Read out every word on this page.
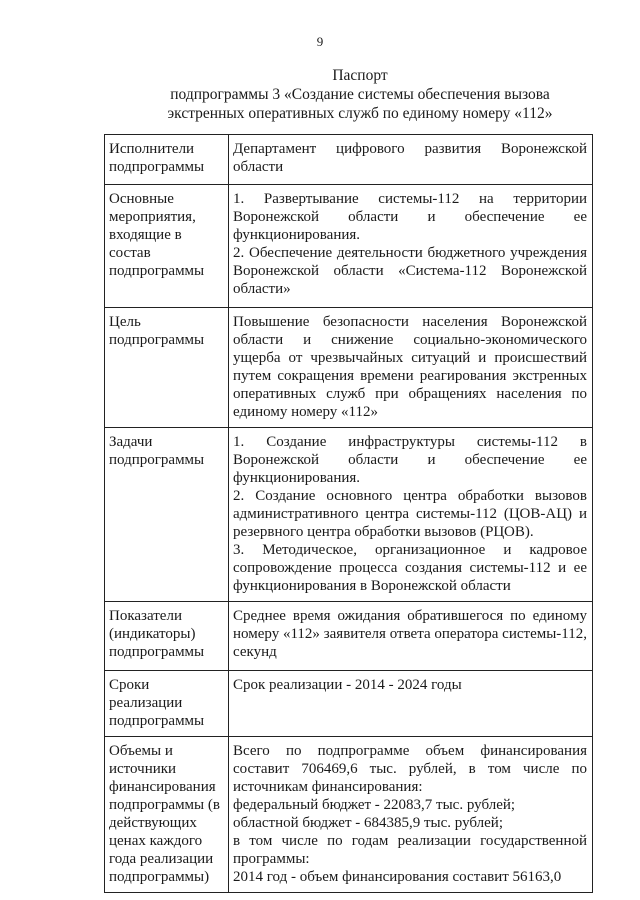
9
Паспорт
подпрограммы 3 «Создание системы обеспечения вызова
экстренных оперативных служб по единому номеру «112»
Исполнители подпрограммы	Департамент цифрового развития Воронежской области

Основные мероприятия, входящие в состав подпрограммы	1. Развертывание системы-112 на территории Воронежской области и обеспечение ее функционирования.

2. Обеспечение деятельности бюджетного учреждения Воронежской области «Система-112 Воронежской области»

Цель подпрограммы	Повышение безопасности населения Воронежской области и снижение социально-экономического ущерба от чрезвычайных ситуаций и происшествий путем сокращения времени реагирования экстренных оперативных служб при обращениях населения по единому номеру «112»

Задачи подпрограммы	1. Создание инфраструктуры системы-112 в Воронежской области и обеспечение ее функционирования.

2. Создание основного центра обработки вызовов административного центра системы-112 (ЦОВ-АЦ) и резервного центра обработки вызовов (РЦОВ).

3. Методическое, организационное и кадровое сопровождение процесса создания системы-112 и ее функционирования в Воронежской области

Показатели (индикаторы) подпрограммы	Среднее время ожидания обратившегося по единому номеру «112» заявителя ответа оператора системы-112, секунд

Сроки реализации подпрограммы	Срок реализации - 2014 - 2024 годы

Объемы и источники финансирования подпрограммы (в действующих ценах каждого года реализации подпрограммы)	Всего по подпрограмме объем финансирования составит 706469,6 тыс. рублей, в том числе по источникам финансирования:

федеральный бюджет - 22083,7 тыс. рублей;

областной бюджет - 684385,9 тыс. рублей;

в том числе по годам реализации государственной программы:

2014 год - объем финансирования составит 56163,0
